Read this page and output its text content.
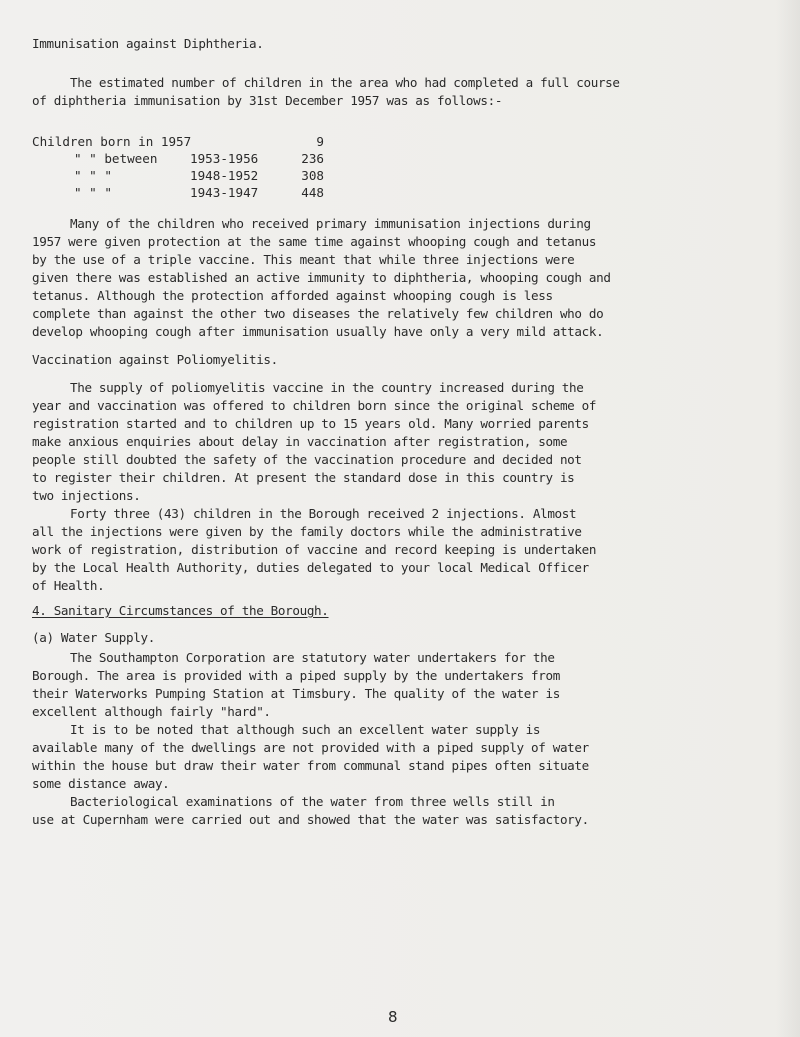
Immunisation against Diphtheria.
The estimated number of children in the area who had completed a full course
of diphtheria immunisation by 31st December 1957 was as follows:-
Children born in 1957	9
" " between	1953-1956	236
" " "	1948-1952	308
" " "	1943-1947	448
Many of the children who received primary immunisation injections during
1957 were given protection at the same time against whooping cough and tetanus
by the use of a triple vaccine. This meant that while three injections were
given there was established an active immunity to diphtheria, whooping cough and
tetanus. Although the protection afforded against whooping cough is less
complete than against the other two diseases the relatively few children who do
develop whooping cough after immunisation usually have only a very mild attack.
Vaccination against Poliomyelitis.
The supply of poliomyelitis vaccine in the country increased during the
year and vaccination was offered to children born since the original scheme of
registration started and to children up to 15 years old. Many worried parents
make anxious enquiries about delay in vaccination after registration, some
people still doubted the safety of the vaccination procedure and decided not
to register their children. At present the standard dose in this country is
two injections.
Forty three (43) children in the Borough received 2 injections. Almost
all the injections were given by the family doctors while the administrative
work of registration, distribution of vaccine and record keeping is undertaken
by the Local Health Authority, duties delegated to your local Medical Officer
of Health.
4. Sanitary Circumstances of the Borough.
(a) Water Supply.
The Southampton Corporation are statutory water undertakers for the
Borough. The area is provided with a piped supply by the undertakers from
their Waterworks Pumping Station at Timsbury. The quality of the water is
excellent although fairly "hard".
It is to be noted that although such an excellent water supply is
available many of the dwellings are not provided with a piped supply of water
within the house but draw their water from communal stand pipes often situate
some distance away.
Bacteriological examinations of the water from three wells still in
use at Cupernham were carried out and showed that the water was satisfactory.
8
